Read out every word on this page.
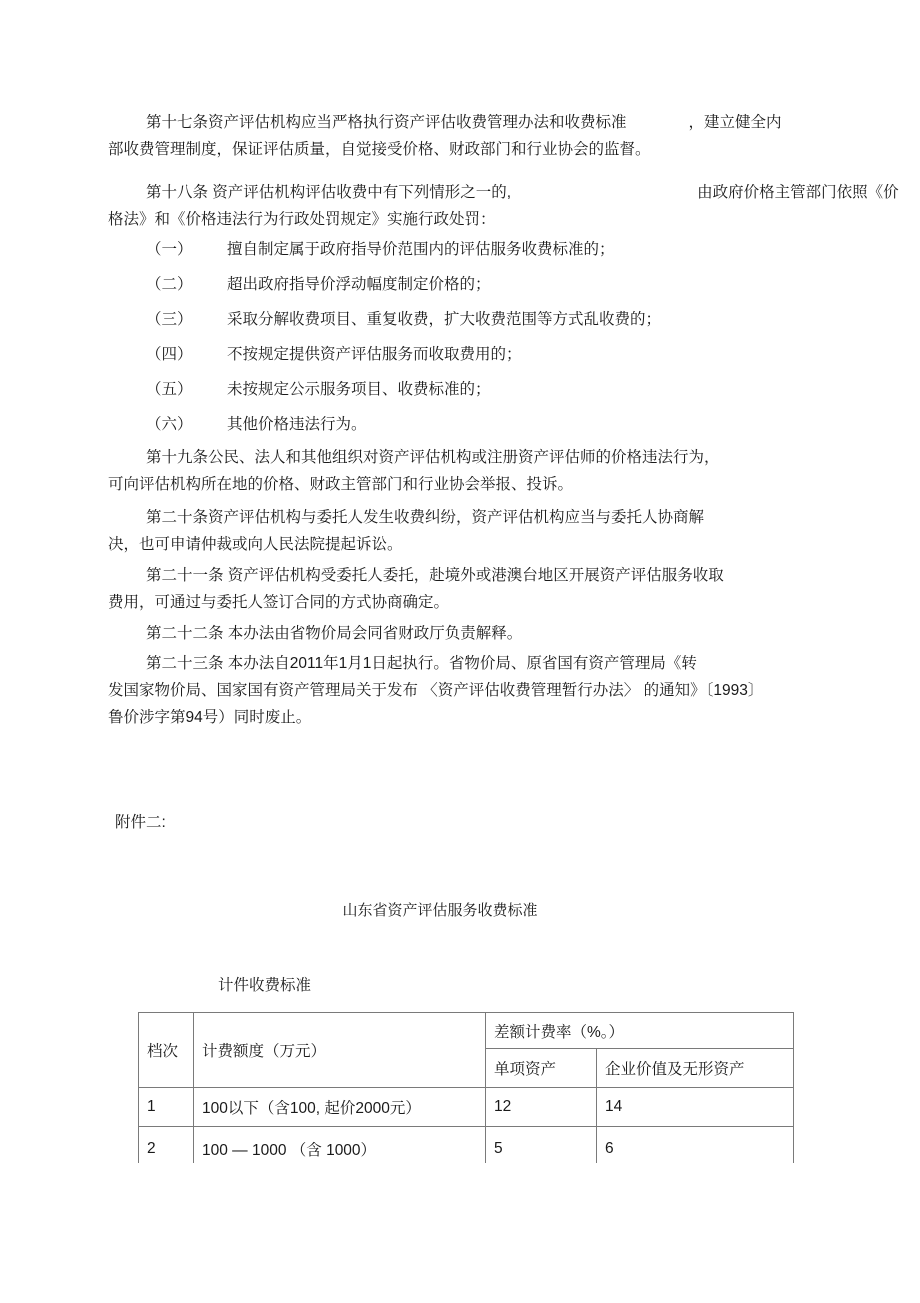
第十七条资产评估机构应当严格执行资产评估收费管理办法和收费标准　　　　，建立健全内
部收费管理制度，保证评估质量，自觉接受价格、财政部门和行业协会的监督。
第十八条 资产评估机构评估收费中有下列情形之一的,　　　　　　　　　　　　由政府价格主管部门依照《价
格法》和《价格违法行为行政处罚规定》实施行政处罚：
（一） 擅自制定属于政府指导价范围内的评估服务收费标准的；
（二） 超出政府指导价浮动幅度制定价格的；
（三） 采取分解收费项目、重复收费，扩大收费范围等方式乱收费的；
（四） 不按规定提供资产评估服务而收取费用的；
（五） 未按规定公示服务项目、收费标准的；
（六） 其他价格违法行为。
第十九条公民、法人和其他组织对资产评估机构或注册资产评估师的价格违法行为，
可向评估机构所在地的价格、财政主管部门和行业协会举报、投诉。
第二十条资产评估机构与委托人发生收费纠纷，资产评估机构应当与委托人协商解
决，也可申请仲裁或向人民法院提起诉讼。
第二十一条 资产评估机构受委托人委托，赴境外或港澳台地区开展资产评估服务收取
费用，可通过与委托人签订合同的方式协商确定。
第二十二条 本办法由省物价局会同省财政厅负责解释。
第二十三条 本办法自2011年1月1日起执行。省物价局、原省国有资产管理局《转
发国家物价局、国家国有资产管理局关于发布 〈资产评估收费管理暂行办法〉 的通知》〔1993〕
鲁价涉字第94号）同时废止。
附件二:
山东省资产评估服务收费标准
计件收费标准
档次	计费额度（万元）	差额计费率（%。）	
		单项资产	企业价值及无形资产
1	100以下（含100, 起价2000元）	12	14
2	100 — 1000 （含 1000）	5	6
